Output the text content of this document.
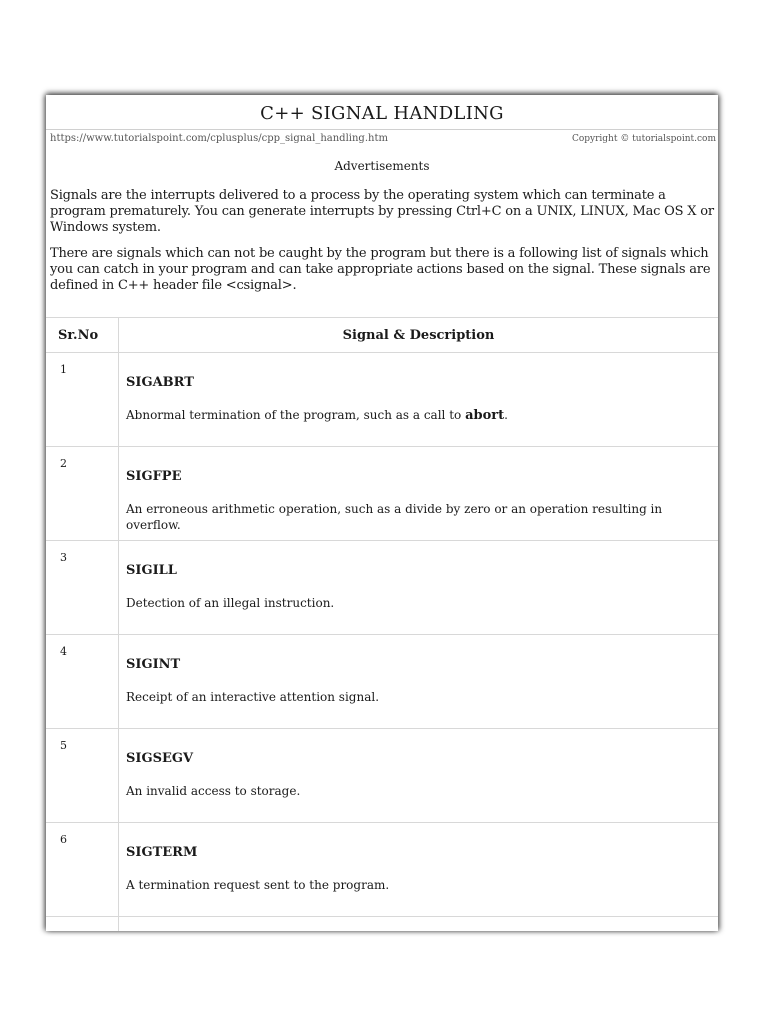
C++ SIGNAL HANDLING
https://www.tutorialspoint.com/cplusplus/cpp_signal_handling.htm	Copyright © tutorialspoint.com
Advertisements

Signals are the interrupts delivered to a process by the operating system which can terminate a program prematurely. You can generate interrupts by pressing Ctrl+C on a UNIX, LINUX, Mac OS X or Windows system.

There are signals which can not be caught by the program but there is a following list of signals which you can catch in your program and can take appropriate actions based on the signal. These signals are defined in C++ header file <csignal>.

Sr.No	Signal & Description
1	SIGABRT
Abnormal termination of the program, such as a call to abort.

2	SIGFPE
An erroneous arithmetic operation, such as a divide by zero or an operation resulting in overflow.

3	SIGILL
Detection of an illegal instruction.

4	SIGINT
Receipt of an interactive attention signal.

5	SIGSEGV
An invalid access to storage.

6	SIGTERM
A termination request sent to the program.
